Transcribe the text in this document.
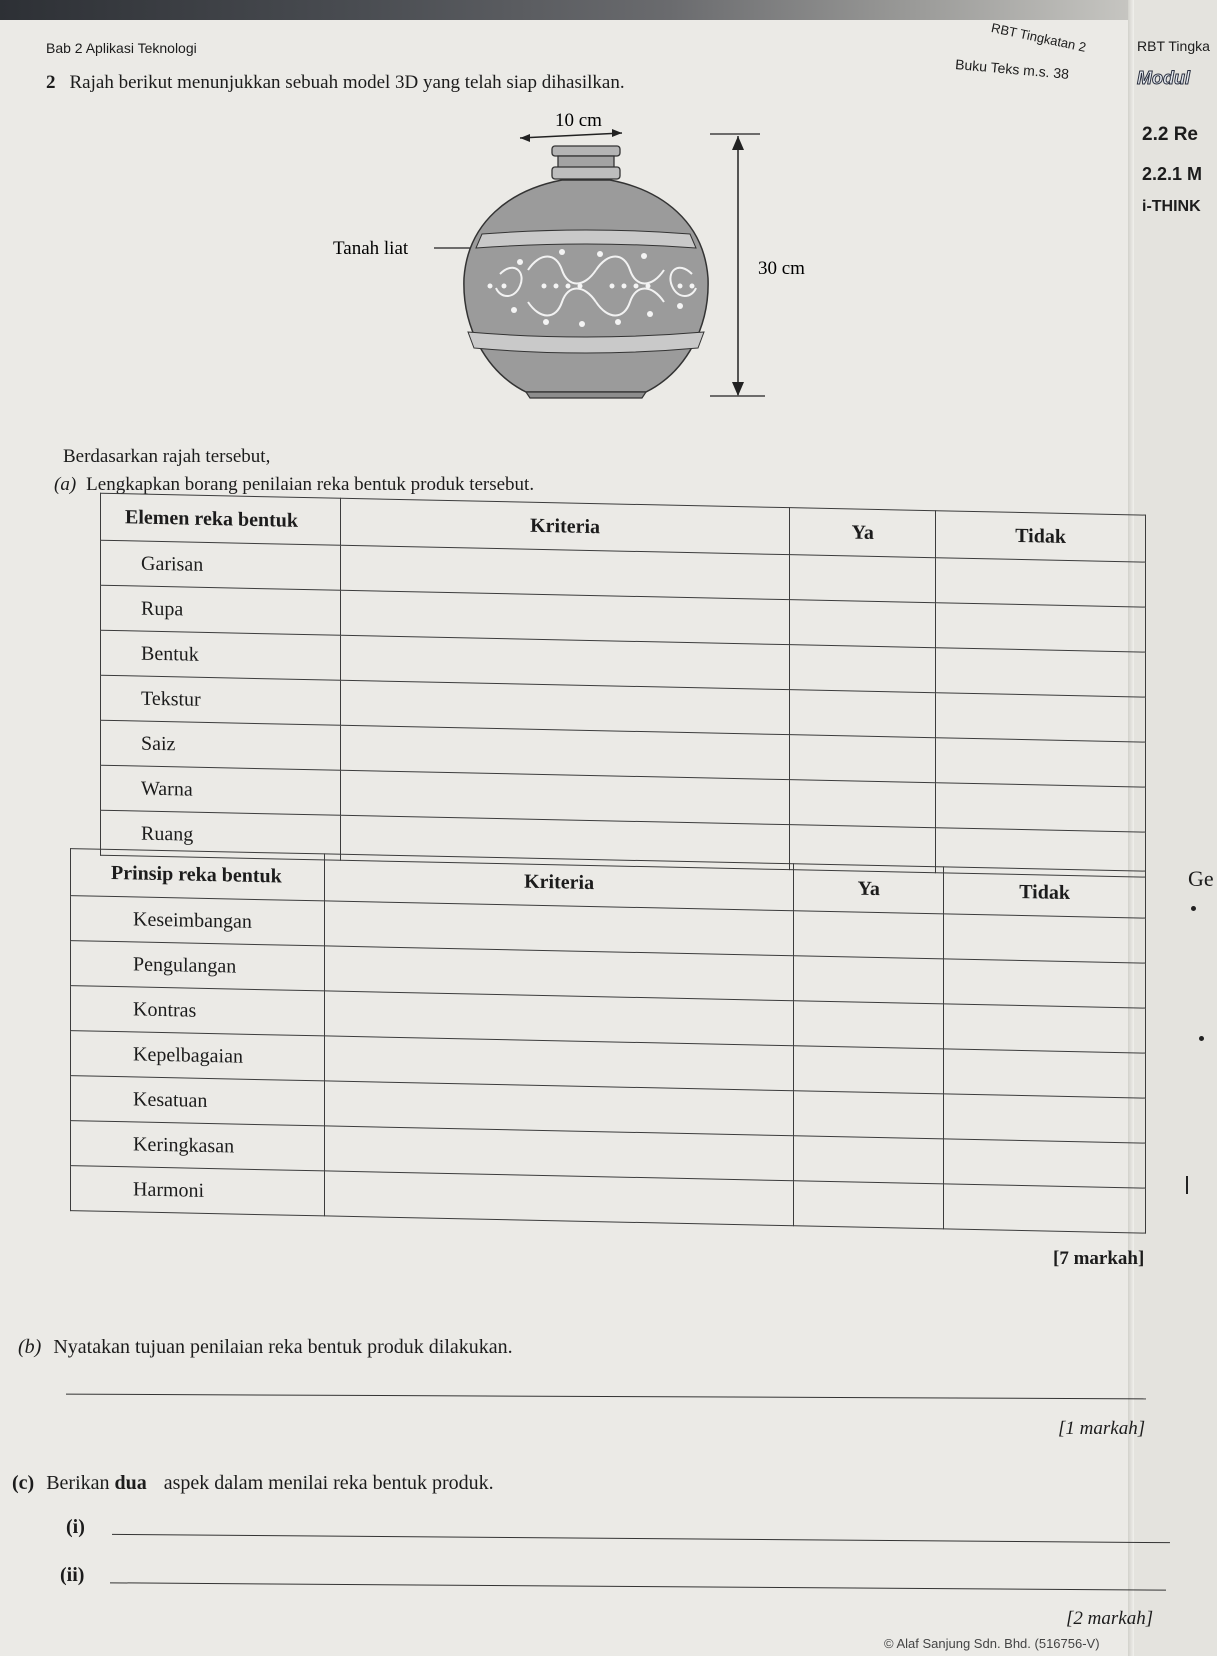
Bab 2 Aplikasi Teknologi	RBT Tingkatan 2
Buku Teks m.s. 38
RBT Tingka
Modul
2.2 Re
2.2.1 M
i-THINK
Ge
2 Rajah berikut menunjukkan sebuah model 3D yang telah siap dihasilkan.
10 cm
30 cm
Tanah liat
Berdasarkan rajah tersebut,
(a) Lengkapkan borang penilaian reka bentuk produk tersebut.
Elemen reka bentuk	Kriteria	Ya	Tidak
Garisan			
Rupa			
Bentuk			
Tekstur			
Saiz			
Warna			
Ruang			
Prinsip reka bentuk	Kriteria	Ya	Tidak
Keseimbangan			
Pengulangan			
Kontras			
Kepelbagaian			
Kesatuan			
Keringkasan			
Harmoni			
[7 markah]
(b) Nyatakan tujuan penilaian reka bentuk produk dilakukan.
[1 markah]
(c) Berikan dua aspek dalam menilai reka bentuk produk.
(i)
(ii)
[2 markah]
© Alaf Sanjung Sdn. Bhd. (516756-V)
